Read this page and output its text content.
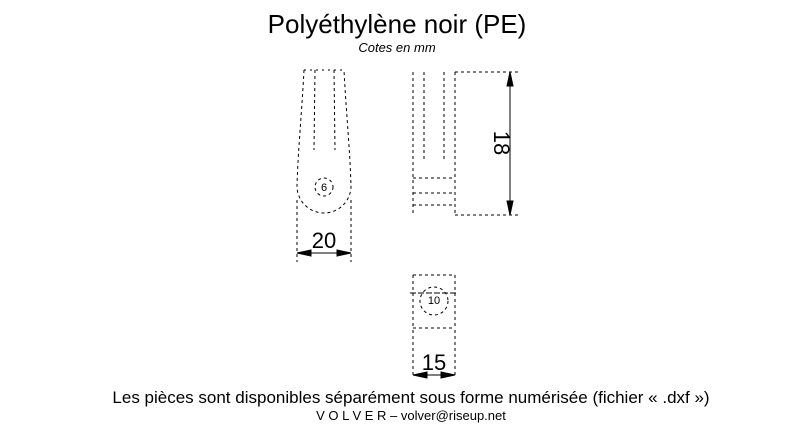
Polyéthylène noir (PE)
Cotes en mm
6
10
20
15
18
Les pièces sont disponibles séparément sous forme numérisée (fichier « .dxf »)
V O L V E R – volver@riseup.net
